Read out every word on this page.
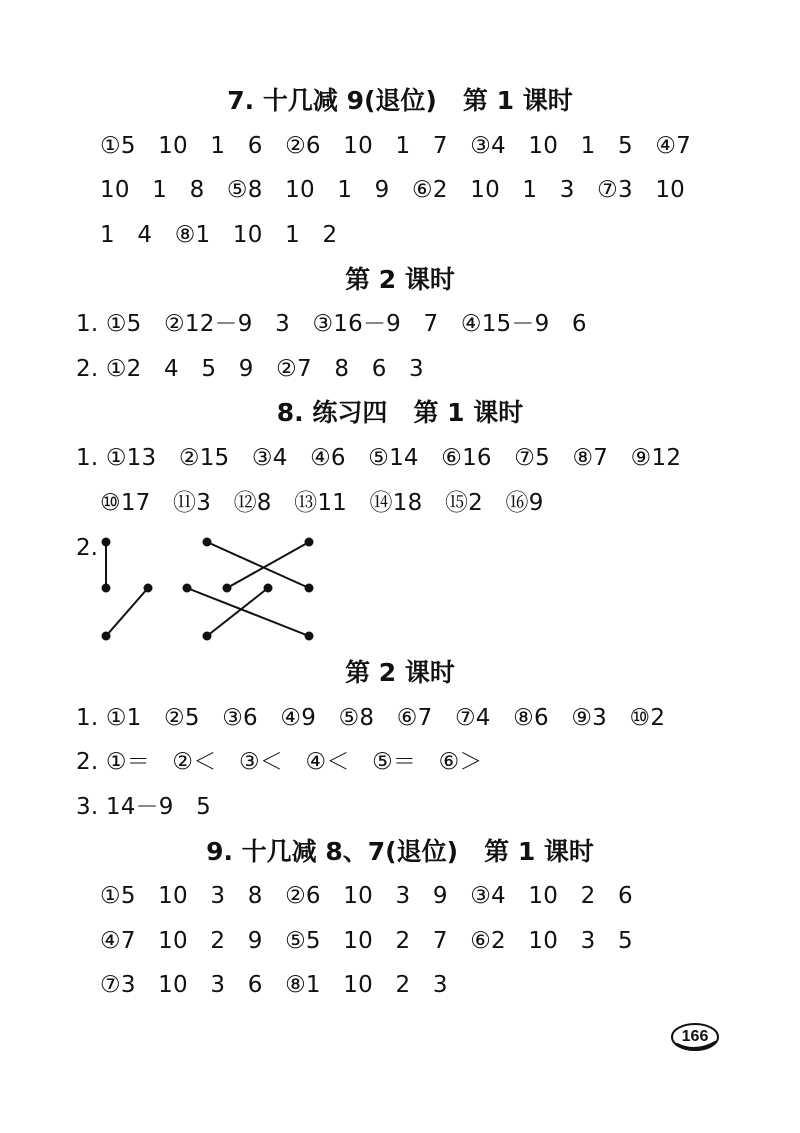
7. 十几减 9(退位)   第 1 课时
①5   10   1   6   ②6   10   1   7   ③4   10   1   5   ④7
10   1   8   ⑤8   10   1   9   ⑥2   10   1   3   ⑦3   10
1   4   ⑧1   10   1   2
第 2 课时
1. ①5   ②12－9   3   ③16－9   7   ④15－9   6
2. ①2   4   5   9   ②7   8   6   3
8. 练习四   第 1 课时
1. ①13   ②15   ③4   ④6   ⑤14   ⑥16   ⑦5   ⑧7   ⑨12
⑩17   ⑪3   ⑫8   ⑬11   ⑭18   ⑮2   ⑯9
2.
第 2 课时
1. ①1   ②5   ③6   ④9   ⑤8   ⑥7   ⑦4   ⑧6   ⑨3   ⑩2
2. ①＝   ②＜   ③＜   ④＜   ⑤＝   ⑥＞
3. 14－9   5
9. 十几减 8、7(退位)   第 1 课时
①5   10   3   8   ②6   10   3   9   ③4   10   2   6
④7   10   2   9   ⑤5   10   2   7   ⑥2   10   3   5
⑦3   10   3   6   ⑧1   10   2   3
166
